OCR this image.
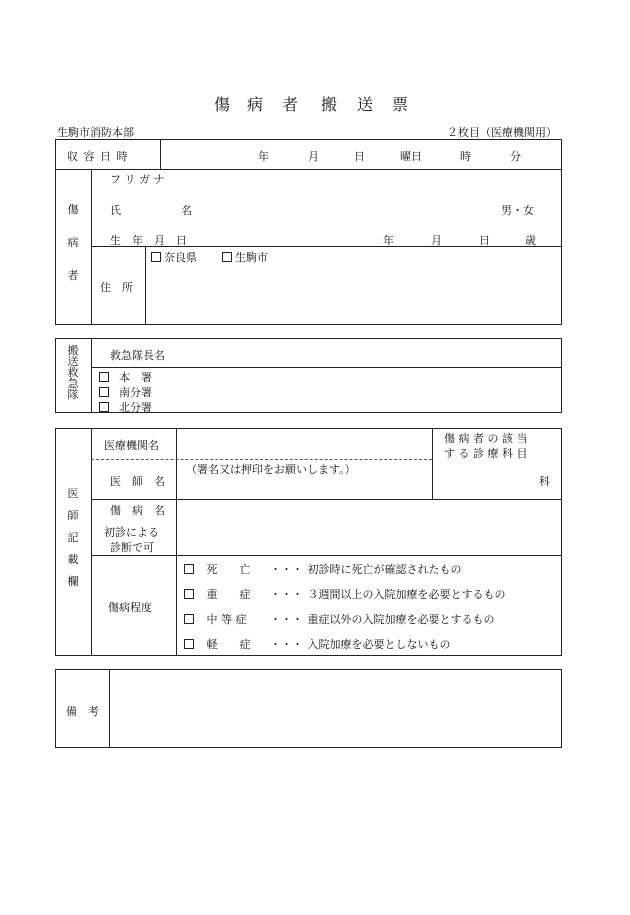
傷 病 者 搬 送 票
生駒市消防本部	２枚目（医療機関用）
収 容 日 時	年	月	日	曜日	時	分
傷
病
者
フ リ ガ ナ
氏	名	男・女
生　年　月　日	年	月	日	歳
住　所
奈良県	生駒市
搬
送
救
急
隊
救急隊長名
本　署
南分署
北分署
医
師
記
載
欄
医療機関名
医　師　名
（署名又は押印をお願いします。）
傷 病 者 の 該 当
す る 診 療 科 目
科
傷　病　名
初診による
診断で可
傷病程度
死　　亡 ・・・ 初診時に死亡が確認されたもの
重　　症 ・・・ ３週間以上の入院加療を必要とするもの
中 等 症 ・・・ 重症以外の入院加療を必要とするもの
軽　　症 ・・・ 入院加療を必要としないもの
備　考
